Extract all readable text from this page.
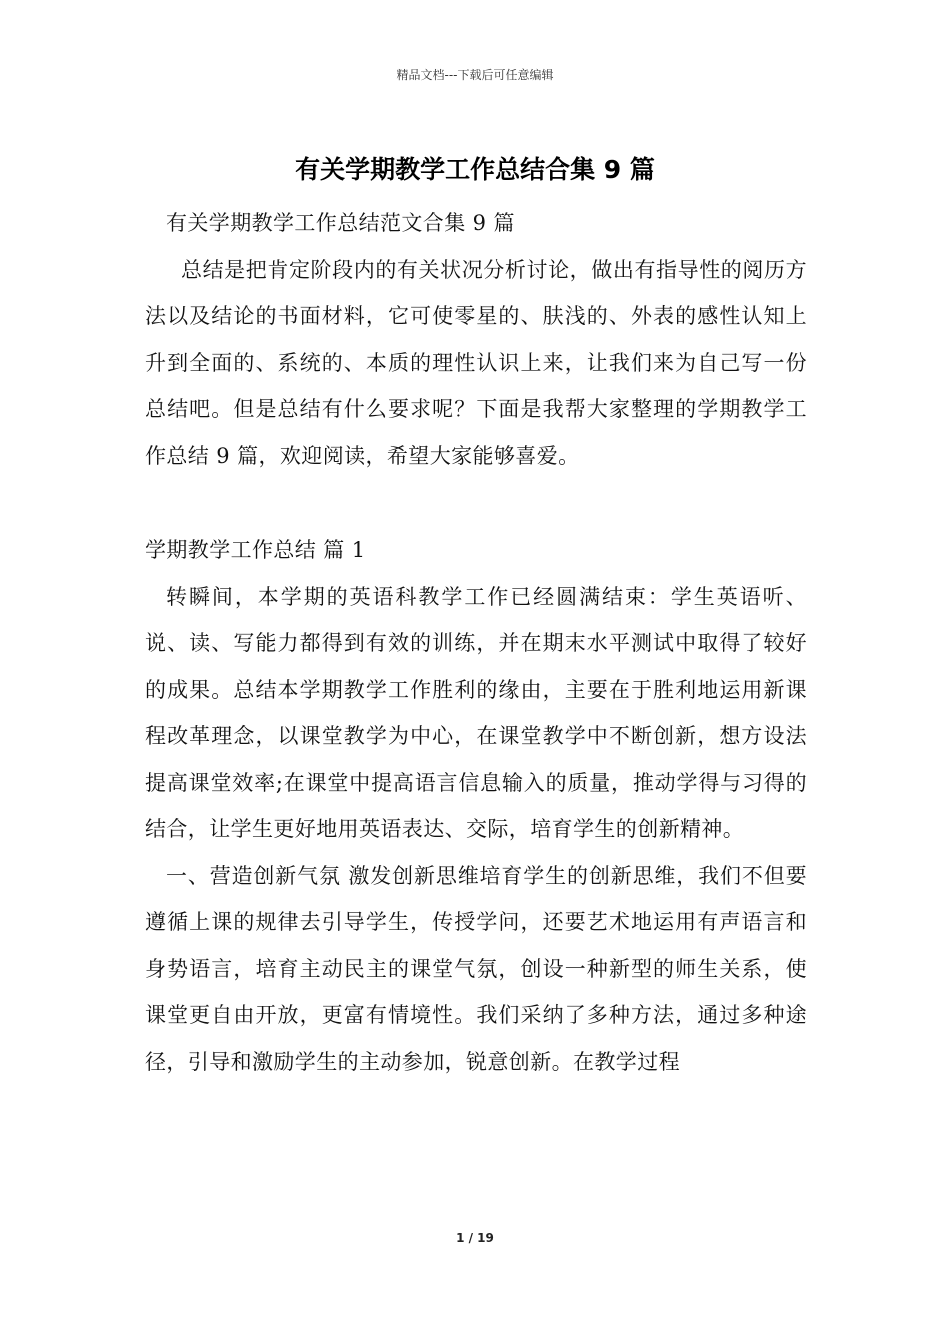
精品文档---下载后可任意编辑
有关学期教学工作总结合集 9 篇

有关学期教学工作总结范文合集 9 篇

总结是把肯定阶段内的有关状况分析讨论，做出有指导性的阅历方法以及结论的书面材料，它可使零星的、肤浅的、外表的感性认知上升到全面的、系统的、本质的理性认识上来，让我们来为自己写一份总结吧。但是总结有什么要求呢？下面是我帮大家整理的学期教学工作总结 9 篇，欢迎阅读，希望大家能够喜爱。

学期教学工作总结 篇 1

转瞬间，本学期的英语科教学工作已经圆满结束：学生英语听、说、读、写能力都得到有效的训练，并在期末水平测试中取得了较好的成果。总结本学期教学工作胜利的缘由，主要在于胜利地运用新课程改革理念，以课堂教学为中心，在课堂教学中不断创新，想方设法提高课堂效率;在课堂中提高语言信息输入的质量，推动学得与习得的结合，让学生更好地用英语表达、交际，培育学生的创新精神。

一、营造创新气氛 激发创新思维培育学生的创新思维，我们不但要遵循上课的规律去引导学生，传授学问，还要艺术地运用有声语言和身势语言，培育主动民主的课堂气氛，创设一种新型的师生关系，使课堂更自由开放，更富有情境性。我们采纳了多种方法，通过多种途径，引导和激励学生的主动参加，锐意创新。在教学过程

1 / 19
